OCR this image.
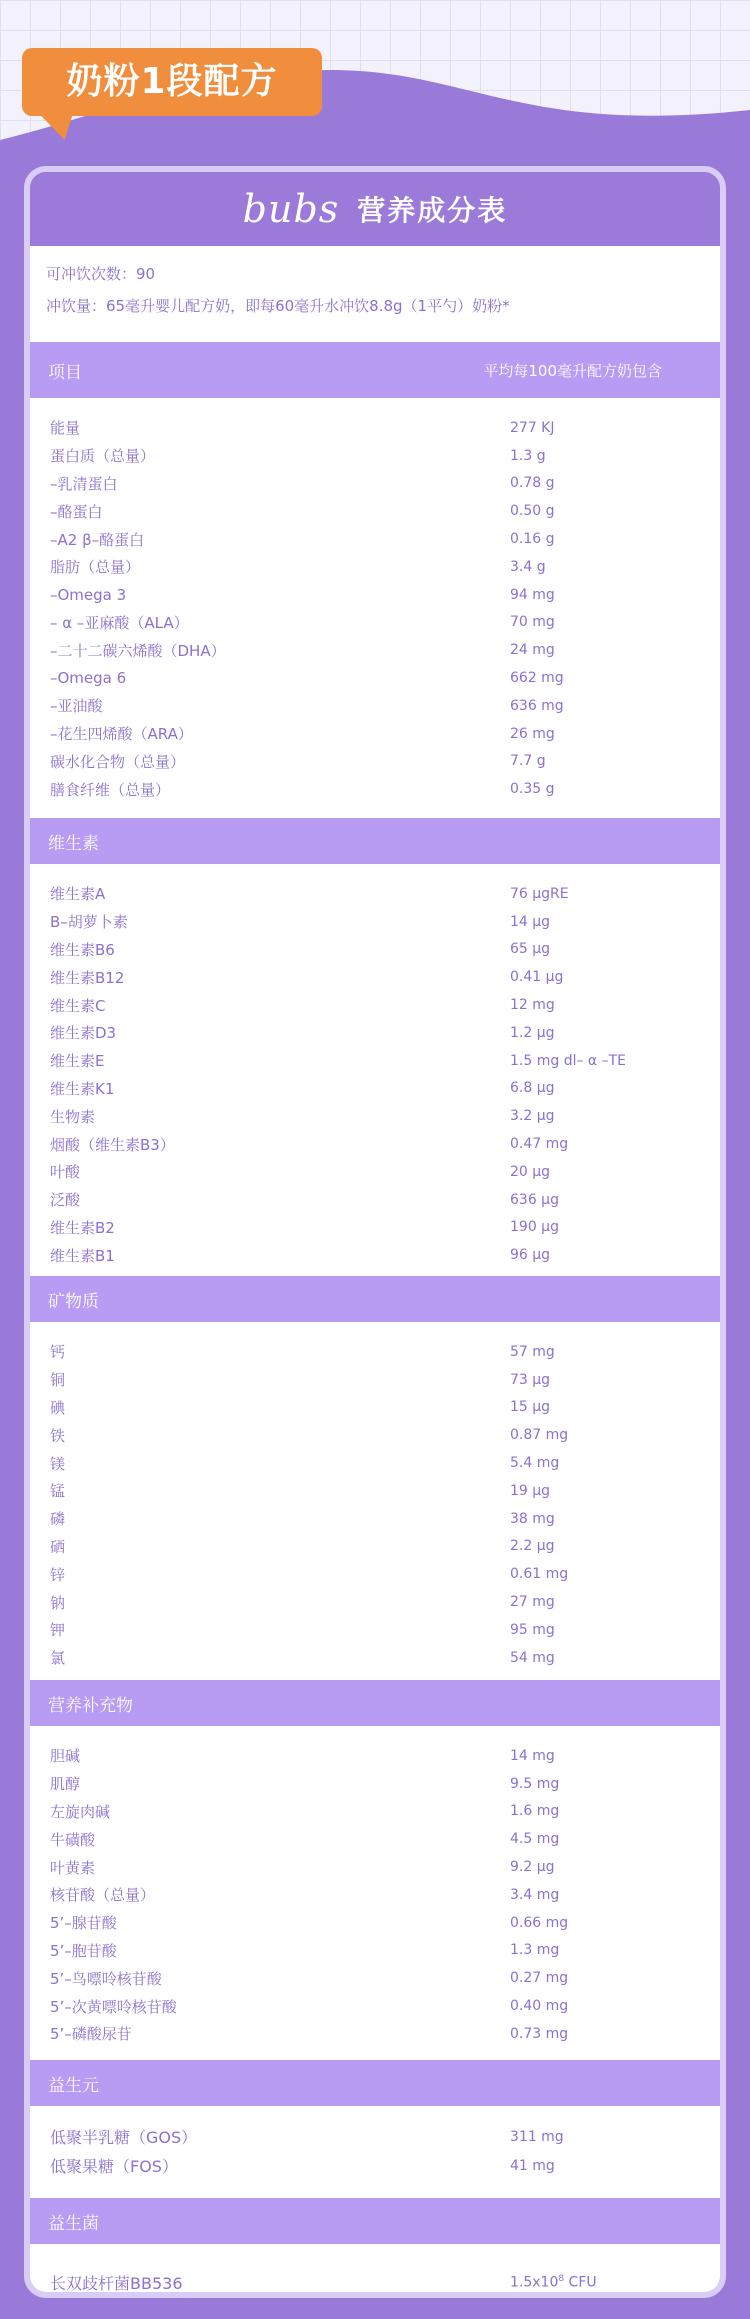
奶粉1段配方
bubs 营养成分表
可冲饮次数：90
冲饮量：65毫升婴儿配方奶，即每60毫升水冲饮8.8g（1平勺）奶粉*
项目	平均每100毫升配方奶包含
能量	277 KJ
蛋白质（总量）	1.3 g
–乳清蛋白	0.78 g
–酪蛋白	0.50 g
–A2 β–酪蛋白	0.16 g
脂肪（总量）	3.4 g
–Omega 3	94 mg
– α –亚麻酸（ALA）	70 mg
–二十二碳六烯酸（DHA）	24 mg
–Omega 6	662 mg
–亚油酸	636 mg
–花生四烯酸（ARA）	26 mg
碳水化合物（总量）	7.7 g
膳食纤维（总量）	0.35 g
维生素
维生素A	76 μgRE
Β–胡萝卜素	14 μg
维生素B6	65 μg
维生素B12	0.41 μg
维生素C	12 mg
维生素D3	1.2 μg
维生素E	1.5 mg dl– α –TE
维生素K1	6.8 μg
生物素	3.2 μg
烟酸（维生素B3）	0.47 mg
叶酸	20 μg
泛酸	636 μg
维生素B2	190 μg
维生素B1	96 μg
矿物质
钙	57 mg
铜	73 μg
碘	15 μg
铁	0.87 mg
镁	5.4 mg
锰	19 μg
磷	38 mg
硒	2.2 μg
锌	0.61 mg
钠	27 mg
钾	95 mg
氯	54 mg
营养补充物
胆碱	14 mg
肌醇	9.5 mg
左旋肉碱	1.6 mg
牛磺酸	4.5 mg
叶黄素	9.2 μg
核苷酸（总量）	3.4 mg
5’–腺苷酸	0.66 mg
5’–胞苷酸	1.3 mg
5’–鸟嘌呤核苷酸	0.27 mg
5’–次黄嘌呤核苷酸	0.40 mg
5’–磷酸尿苷	0.73 mg
益生元
低聚半乳糖（GOS）	311 mg
低聚果糖（FOS）	41 mg
益生菌
长双歧杆菌BB536	$1.5x10^8$ CFU
